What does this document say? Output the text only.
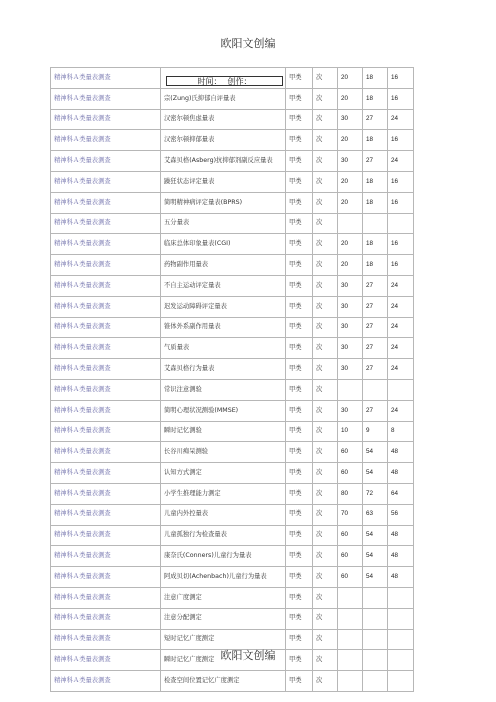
欧阳文创编
精神科Ａ类量表测查		甲类	次	20	18	16
精神科Ａ类量表测查	宗(Zung)氏抑郁自评量表	甲类	次	20	18	16
精神科Ａ类量表测查	汉密尔顿焦虑量表	甲类	次	30	27	24
精神科Ａ类量表测查	汉密尔顿抑郁量表	甲类	次	20	18	16
精神科Ａ类量表测查	艾森贝格(Asberg)抗抑郁剂副反应量表	甲类	次	30	27	24
精神科Ａ类量表测查	躁狂状态评定量表	甲类	次	20	18	16
精神科Ａ类量表测查	简明精神病评定量表(BPRS)	甲类	次	20	18	16
精神科Ａ类量表测查	五分量表	甲类	次			
精神科Ａ类量表测查	临床总体印象量表(CGI)	甲类	次	20	18	16
精神科Ａ类量表测查	药物副作用量表	甲类	次	20	18	16
精神科Ａ类量表测查	不自主运动评定量表	甲类	次	30	27	24
精神科Ａ类量表测查	迟发运动障碍评定量表	甲类	次	30	27	24
精神科Ａ类量表测查	锥体外系副作用量表	甲类	次	30	27	24
精神科Ａ类量表测查	气质量表	甲类	次	30	27	24
精神科Ａ类量表测查	艾森贝格行为量表	甲类	次	30	27	24
精神科Ａ类量表测查	常识注意测验	甲类	次			
精神科Ａ类量表测查	简明心理状况测验(MMSE)	甲类	次	30	27	24
精神科Ａ类量表测查	瞬时记忆测验	甲类	次	10	9	8
精神科Ａ类量表测查	长谷川痴呆测验	甲类	次	60	54	48
精神科Ａ类量表测查	认知方式测定	甲类	次	60	54	48
精神科Ａ类量表测查	小学生推理能力测定	甲类	次	80	72	64
精神科Ａ类量表测查	儿童内外控量表	甲类	次	70	63	56
精神科Ａ类量表测查	儿童孤独行为检查量表	甲类	次	60	54	48
精神科Ａ类量表测查	康奈氏(Conners)儿童行为量表	甲类	次	60	54	48
精神科Ａ类量表测查	阿成贝切(Achenbach)儿童行为量表	甲类	次	60	54	48
精神科Ａ类量表测查	注意广度测定	甲类	次			
精神科Ａ类量表测查	注意分配测定	甲类	次			
精神科Ａ类量表测查	短时记忆广度测定	甲类	次			
精神科Ａ类量表测查	瞬时记忆广度测定	甲类	次			
精神科Ａ类量表测查	检查空间位置记忆广度测定	甲类	次			
时间： 创作：
欧阳文创编
